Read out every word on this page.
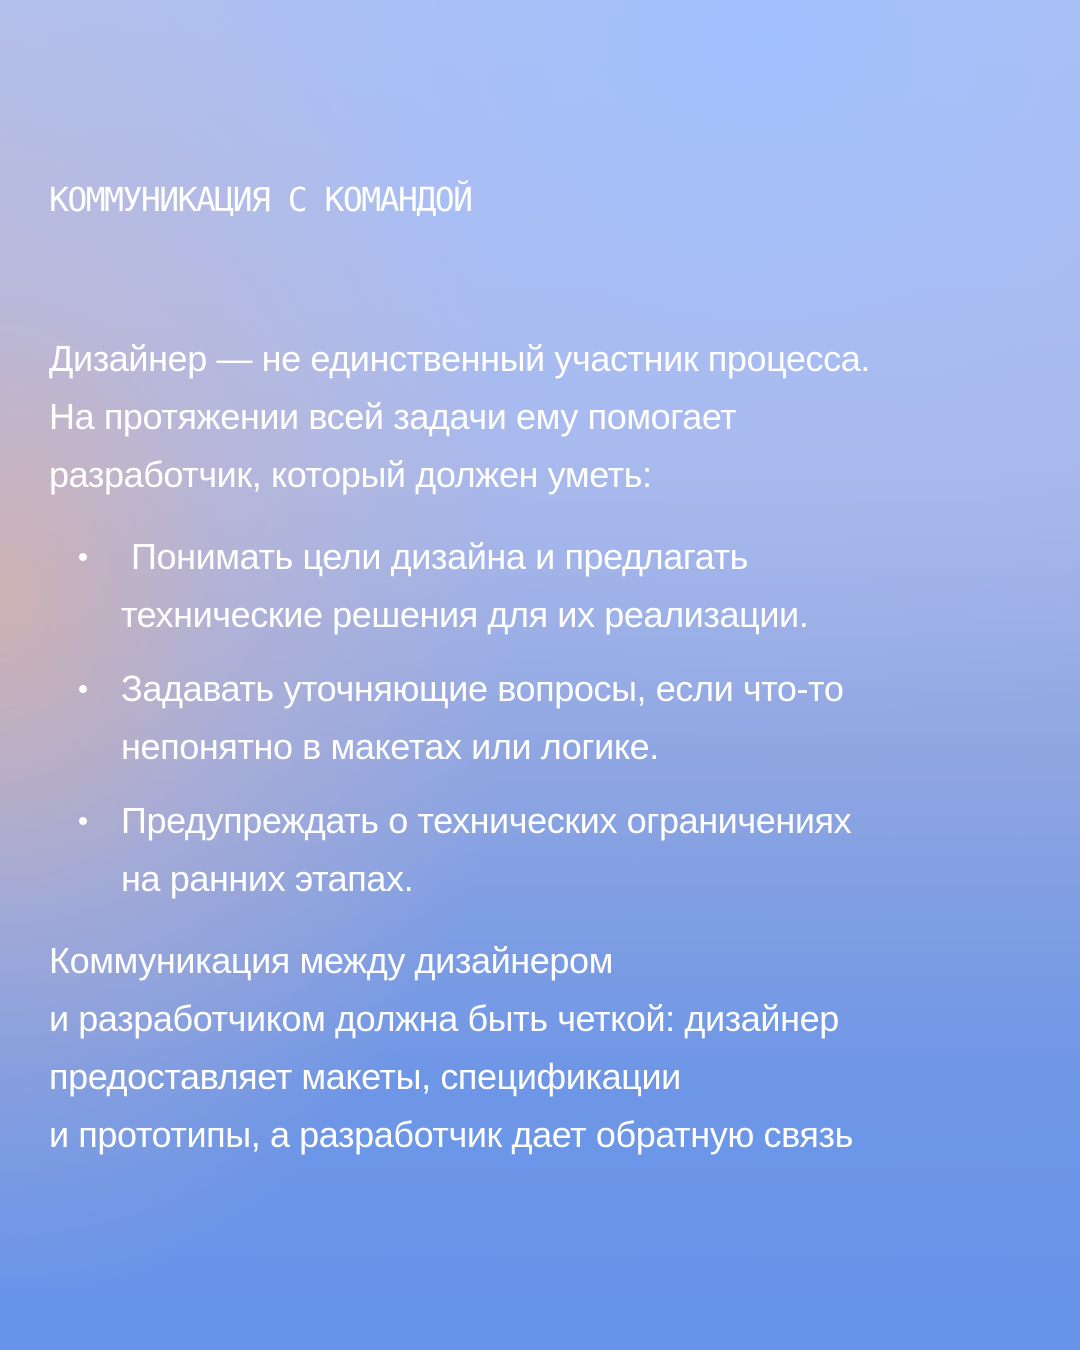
КОММУНИКАЦИЯ С КОМАНДОЙ

Дизайнер — не единственный участник процесса.
На протяжении всей задачи ему помогает
разработчик, который должен уметь:

Понимать цели дизайна и предлагать
технические решения для их реализации.
Задавать уточняющие вопросы, если что-то
непонятно в макетах или логике.
Предупреждать о технических ограничениях
на ранних этапах.

Коммуникация между дизайнером
и разработчиком должна быть четкой: дизайнер
предоставляет макеты, спецификации
и прототипы, а разработчик дает обратную связь
